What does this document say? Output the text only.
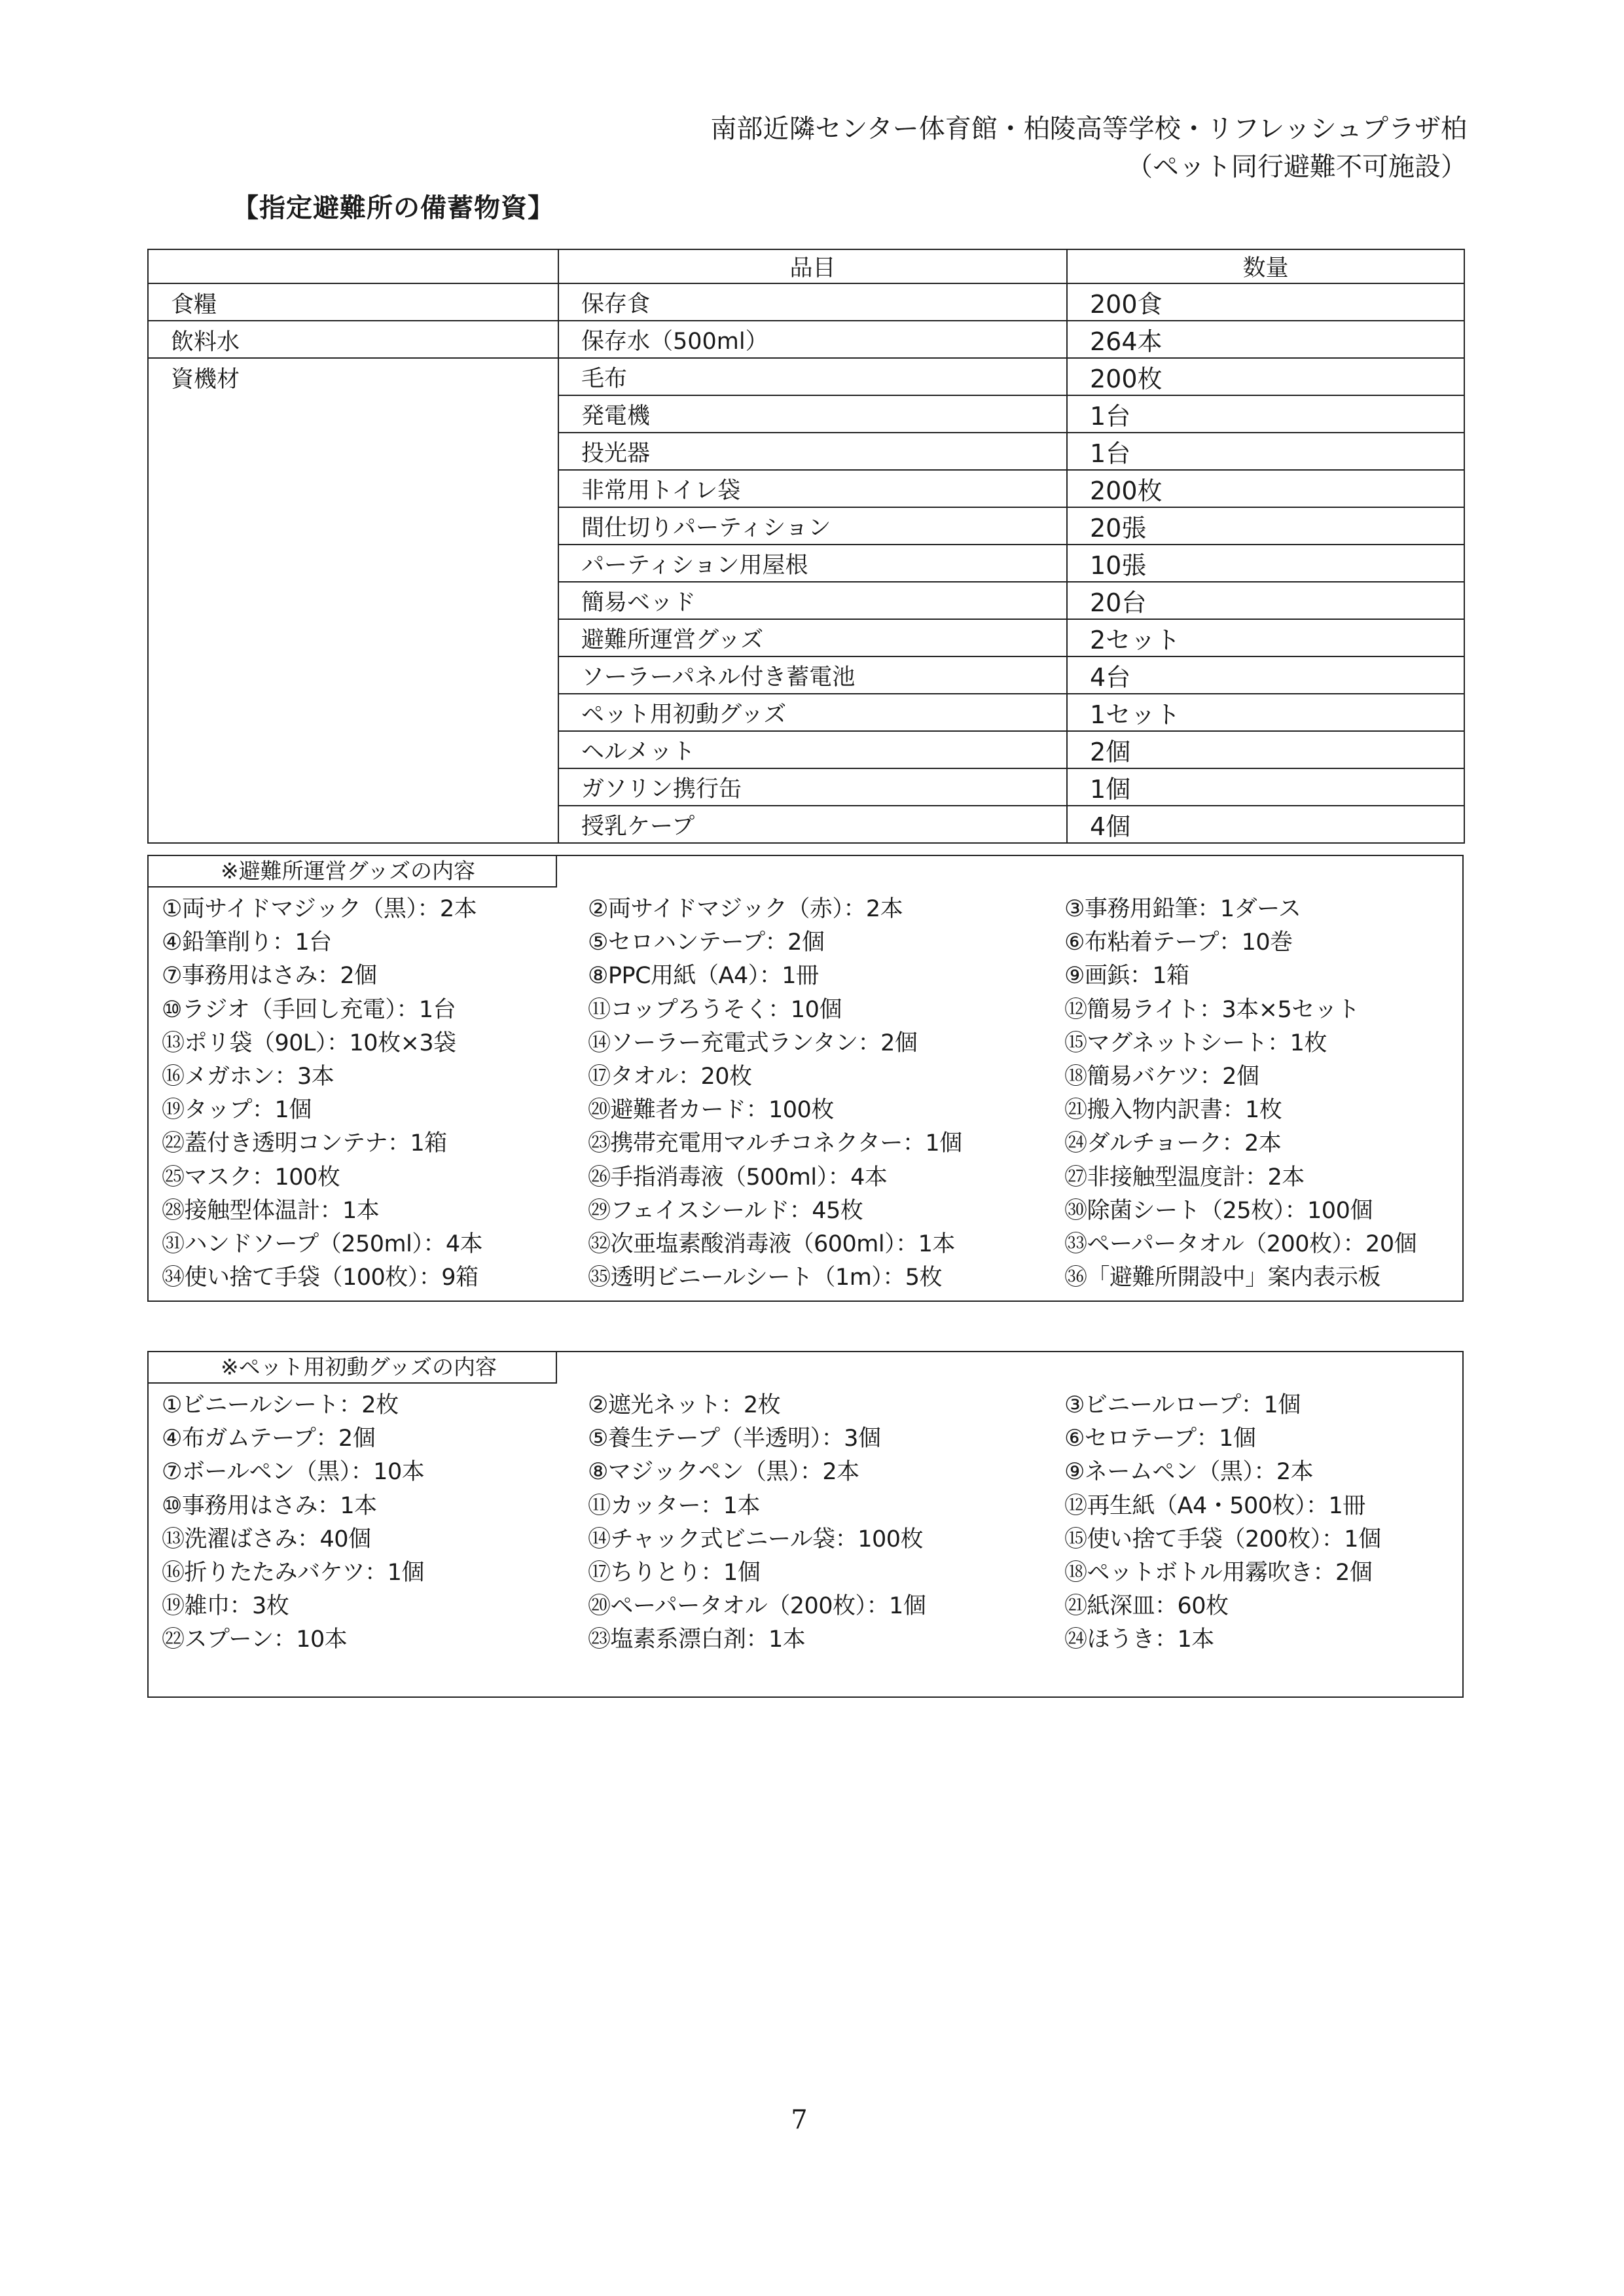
南部近隣センター体育館・柏陵高等学校・リフレッシュプラザ柏
（ペット同行避難不可施設）
【指定避難所の備蓄物資】
	品目	数量
食糧	保存食	200食
飲料水	保存水（500ml）	264本
資機材	毛布	200枚
	発電機	1台
	投光器	1台
	非常用トイレ袋	200枚
	間仕切りパーティション	20張
	パーティション用屋根	10張
	簡易ベッド	20台
	避難所運営グッズ	2セット
	ソーラーパネル付き蓄電池	4台
	ペット用初動グッズ	1セット
	ヘルメット	2個
	ガソリン携行缶	1個
	授乳ケープ	4個
※避難所運営グッズの内容
①両サイドマジック（黒）：2本	②両サイドマジック（赤）：2本	③事務用鉛筆：1ダース
④鉛筆削り：1台	⑤セロハンテープ：2個	⑥布粘着テープ：10巻
⑦事務用はさみ：2個	⑧PPC用紙（A4）：1冊	⑨画鋲：1箱
⑩ラジオ（手回し充電）：1台	⑪コップろうそく：10個	⑫簡易ライト：3本×5セット
⑬ポリ袋（90L）：10枚×3袋	⑭ソーラー充電式ランタン：2個	⑮マグネットシート：1枚
⑯メガホン：3本	⑰タオル：20枚	⑱簡易バケツ：2個
⑲タップ：1個	⑳避難者カード：100枚	㉑搬入物内訳書：1枚
㉒蓋付き透明コンテナ：1箱	㉓携帯充電用マルチコネクター：1個	㉔ダルチョーク：2本
㉕マスク：100枚	㉖手指消毒液（500ml）：4本	㉗非接触型温度計：2本
㉘接触型体温計：1本	㉙フェイスシールド：45枚	㉚除菌シート（25枚）：100個
㉛ハンドソープ（250ml）：4本	㉜次亜塩素酸消毒液（600ml）：1本	㉝ペーパータオル（200枚）：20個
㉞使い捨て手袋（100枚）：9箱	㉟透明ビニールシート（1m）：5枚	㊱「避難所開設中」案内表示板
※ペット用初動グッズの内容
①ビニールシート：2枚	②遮光ネット：2枚	③ビニールロープ：1個
④布ガムテープ：2個	⑤養生テープ（半透明）：3個	⑥セロテープ：1個
⑦ボールペン（黒）：10本	⑧マジックペン（黒）：2本	⑨ネームペン（黒）：2本
⑩事務用はさみ：1本	⑪カッター：1本	⑫再生紙（A4・500枚）：1冊
⑬洗濯ばさみ：40個	⑭チャック式ビニール袋：100枚	⑮使い捨て手袋（200枚）：1個
⑯折りたたみバケツ：1個	⑰ちりとり：1個	⑱ペットボトル用霧吹き：2個
⑲雑巾：3枚	⑳ペーパータオル（200枚）：1個	㉑紙深皿：60枚
㉒スプーン：10本	㉓塩素系漂白剤：1本	㉔ほうき：1本
7
